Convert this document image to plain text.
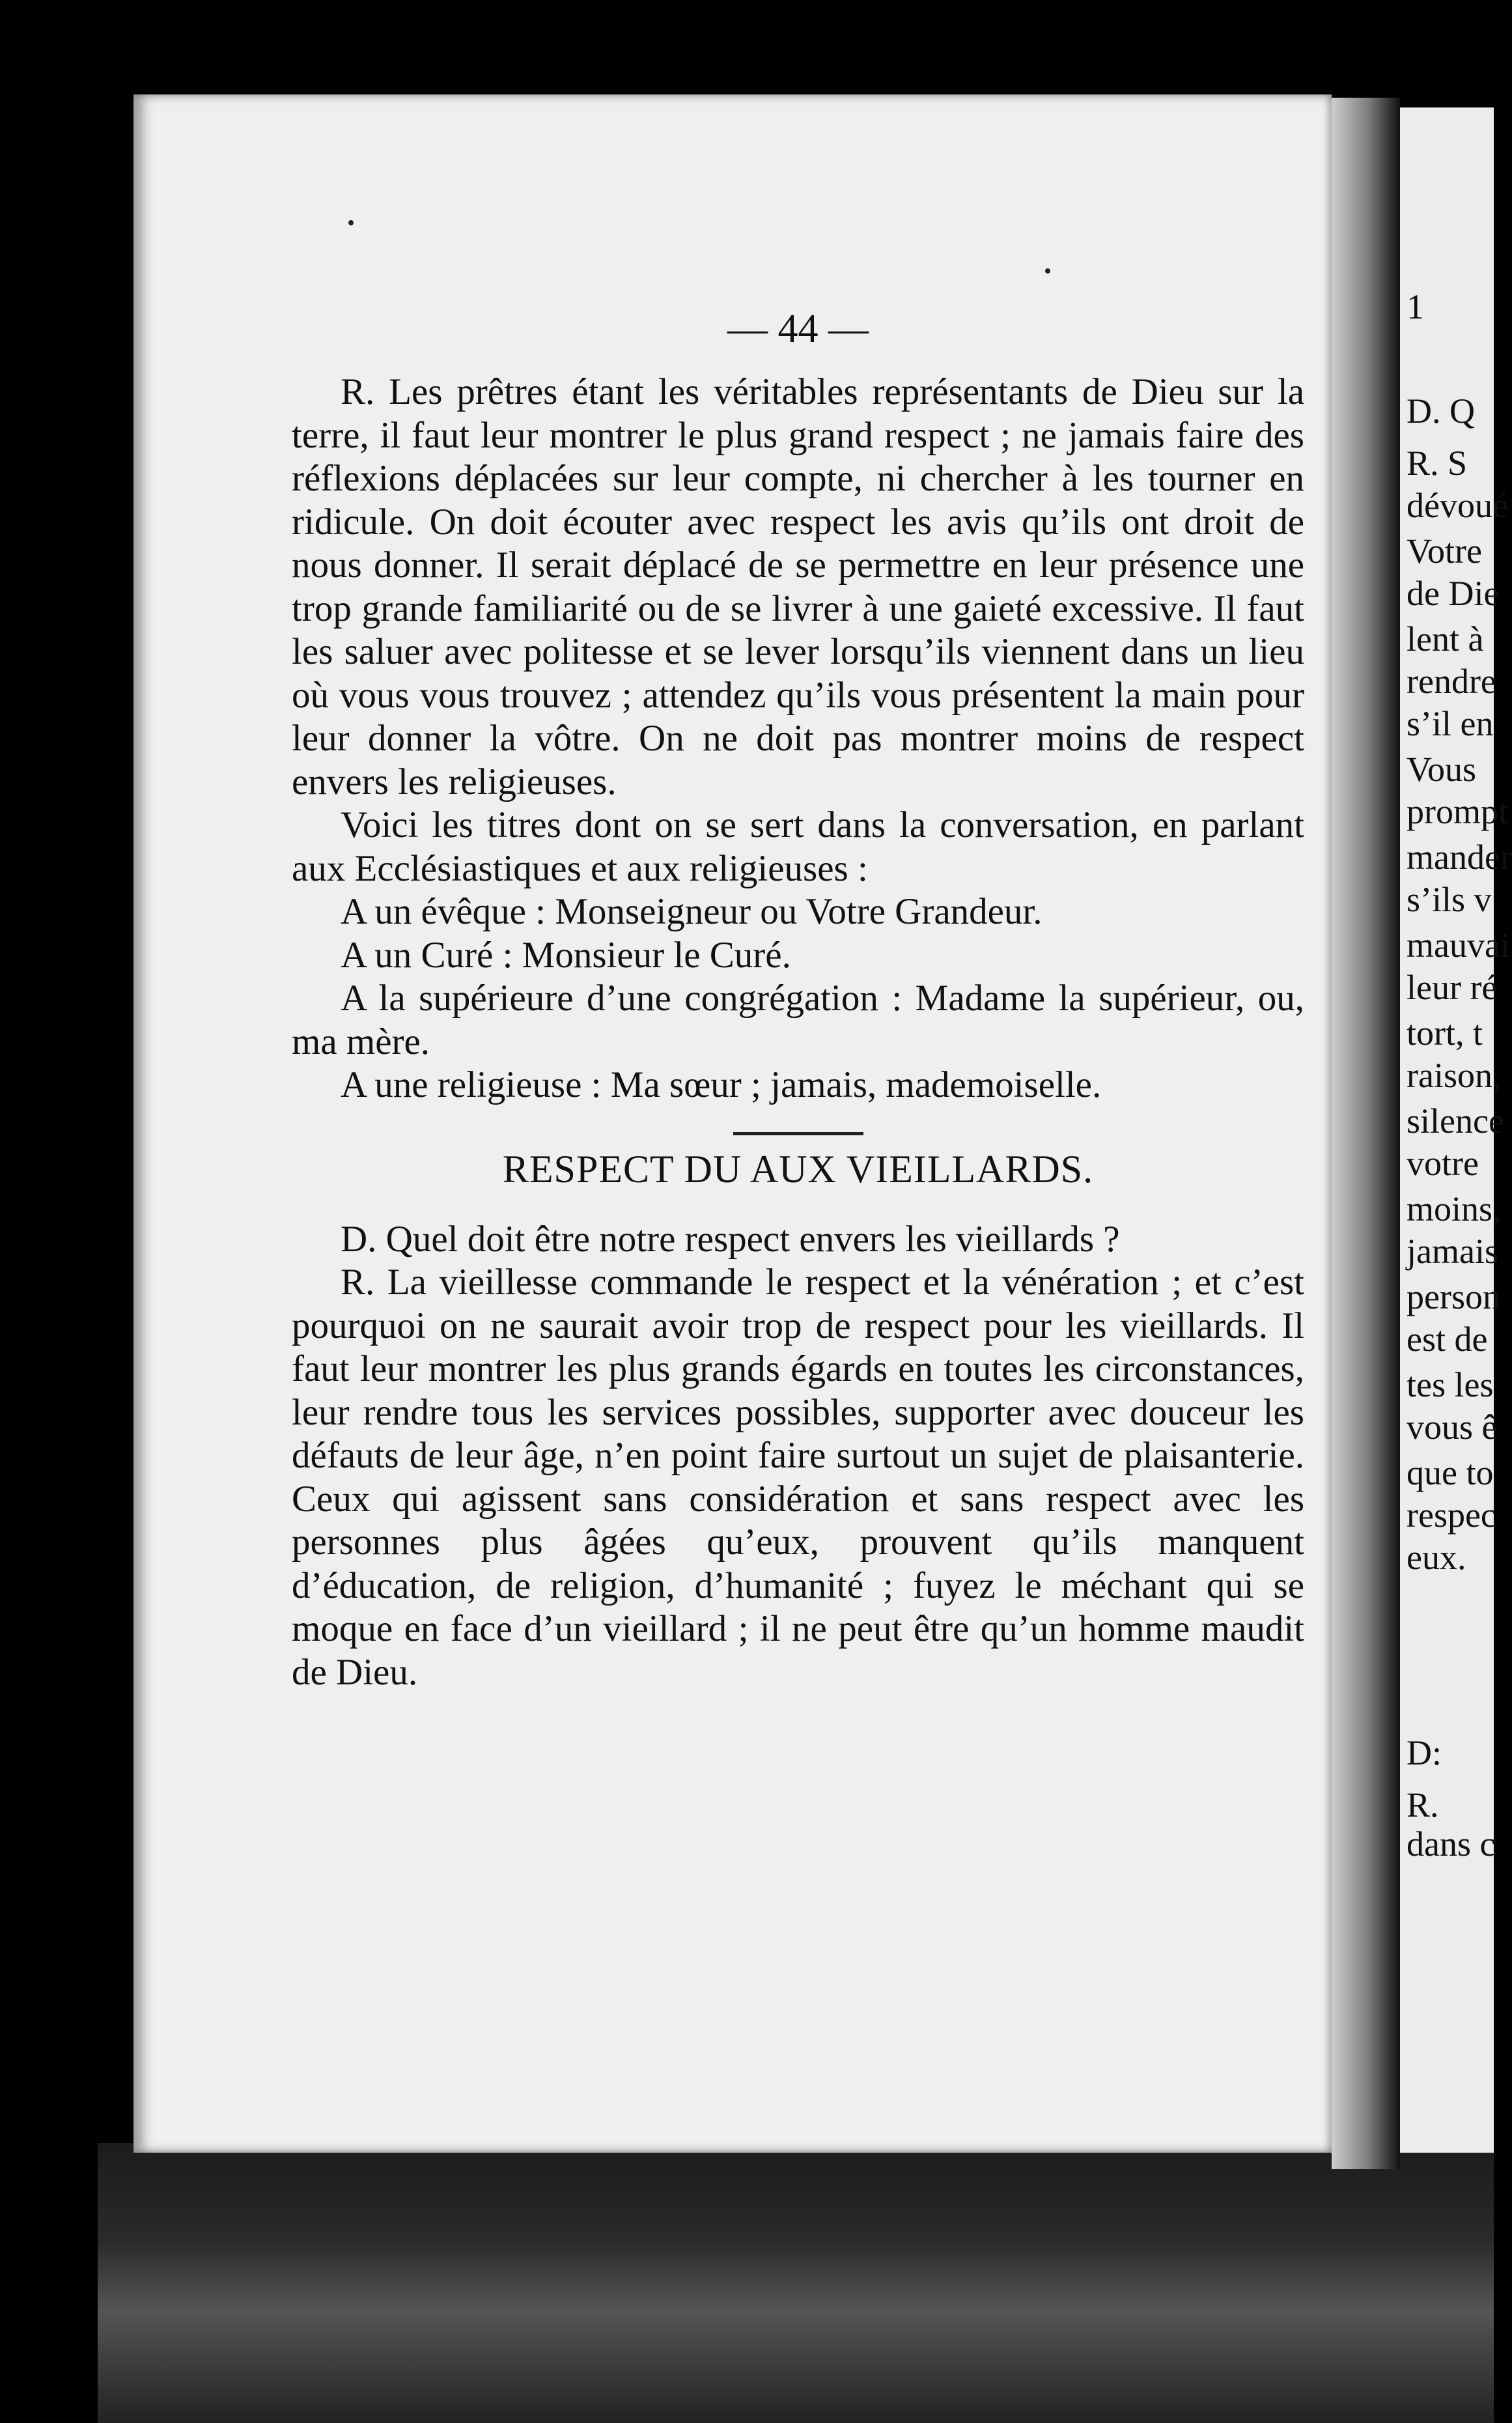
1
D. Q
R. S
dévoué
Votre
de Die
lent à
rendre
s’il en
Vous
prompt
mander
s’ils v
mauvai
leur ré
tort, t
raison,
silence
votre
moins,
jamais
person
est de
tes les
vous ê
que to
respec
eux.
D:
R.
dans c
— 44 —

R. Les prêtres étant les véritables représentants de Dieu sur la terre, il faut leur montrer le plus grand respect ; ne jamais faire des réflexions déplacées sur leur compte, ni chercher à les tourner en ridicule. On doit écouter avec respect les avis qu’ils ont droit de nous donner. Il serait déplacé de se permettre en leur présence une trop grande familiarité ou de se livrer à une gaieté excessive. Il faut les saluer avec politesse et se lever lorsqu’ils viennent dans un lieu où vous vous trouvez ; attendez qu’ils vous présentent la main pour leur donner la vôtre. On ne doit pas montrer moins de respect envers les religieuses.

Voici les titres dont on se sert dans la conversation, en parlant aux Ecclésiastiques et aux religieuses :

A un évêque : Monseigneur ou Votre Grandeur.

A un Curé : Monsieur le Curé.

A la supérieure d’une congrégation : Madame la supérieur, ou, ma mère.

A une religieuse : Ma sœur ; jamais, mademoiselle.

RESPECT DU AUX VIEILLARDS.

D. Quel doit être notre respect envers les vieillards ?

R. La vieillesse commande le respect et la vénération ; et c’est pourquoi on ne saurait avoir trop de respect pour les vieillards. Il faut leur montrer les plus grands égards en toutes les circonstances, leur rendre tous les services possibles, supporter avec douceur les défauts de leur âge, n’en point faire surtout un sujet de plaisanterie. Ceux qui agissent sans considération et sans respect avec les personnes plus âgées qu’eux, prouvent qu’ils manquent d’éducation, de religion, d’humanité ; fuyez le méchant qui se moque en face d’un vieillard ; il ne peut être qu’un homme maudit de Dieu.
